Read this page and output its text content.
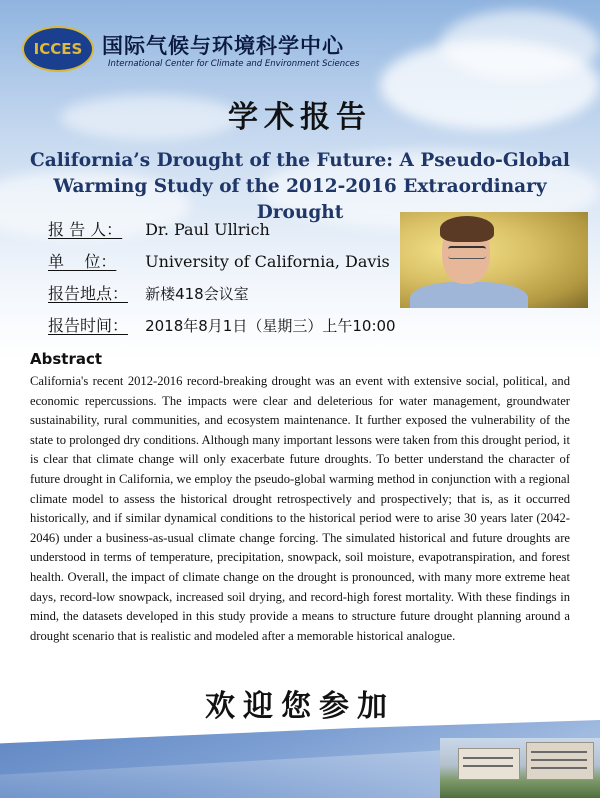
ICCES 国际气候与环境科学中心
International Center for Climate and Environment Sciences
学术报告
California’s Drought of the Future: A Pseudo-Global Warming Study of the 2012-2016 Extraordinary Drought
报 告 人： Dr. Paul Ullrich
单    位： University of California, Davis
报告地点： 新楼418会议室
报告时间： 2018年8月1日（星期三）上午10:00
Abstract
California's recent 2012-2016 record-breaking drought was an event with extensive social, political, and economic repercussions. The impacts were clear and deleterious for water management, groundwater sustainability, rural communities, and ecosystem maintenance. It further exposed the vulnerability of the state to prolonged dry conditions. Although many important lessons were taken from this drought period, it is clear that climate change will only exacerbate future droughts. To better understand the character of future drought in California, we employ the pseudo-global warming method in conjunction with a regional climate model to assess the historical drought retrospectively and prospectively; that is, as it occurred historically, and if similar dynamical conditions to the historical period were to arise 30 years later (2042-2046) under a business-as-usual climate change forcing. The simulated historical and future droughts are understood in terms of temperature, precipitation, snowpack, soil moisture, evapotranspiration, and forest health. Overall, the impact of climate change on the drought is pronounced, with many more extreme heat days, record-low snowpack, increased soil drying, and record-high forest mortality. With these findings in mind, the datasets developed in this study provide a means to structure future drought planning around a drought scenario that is realistic and modeled after a memorable historical analogue.
欢迎您参加
